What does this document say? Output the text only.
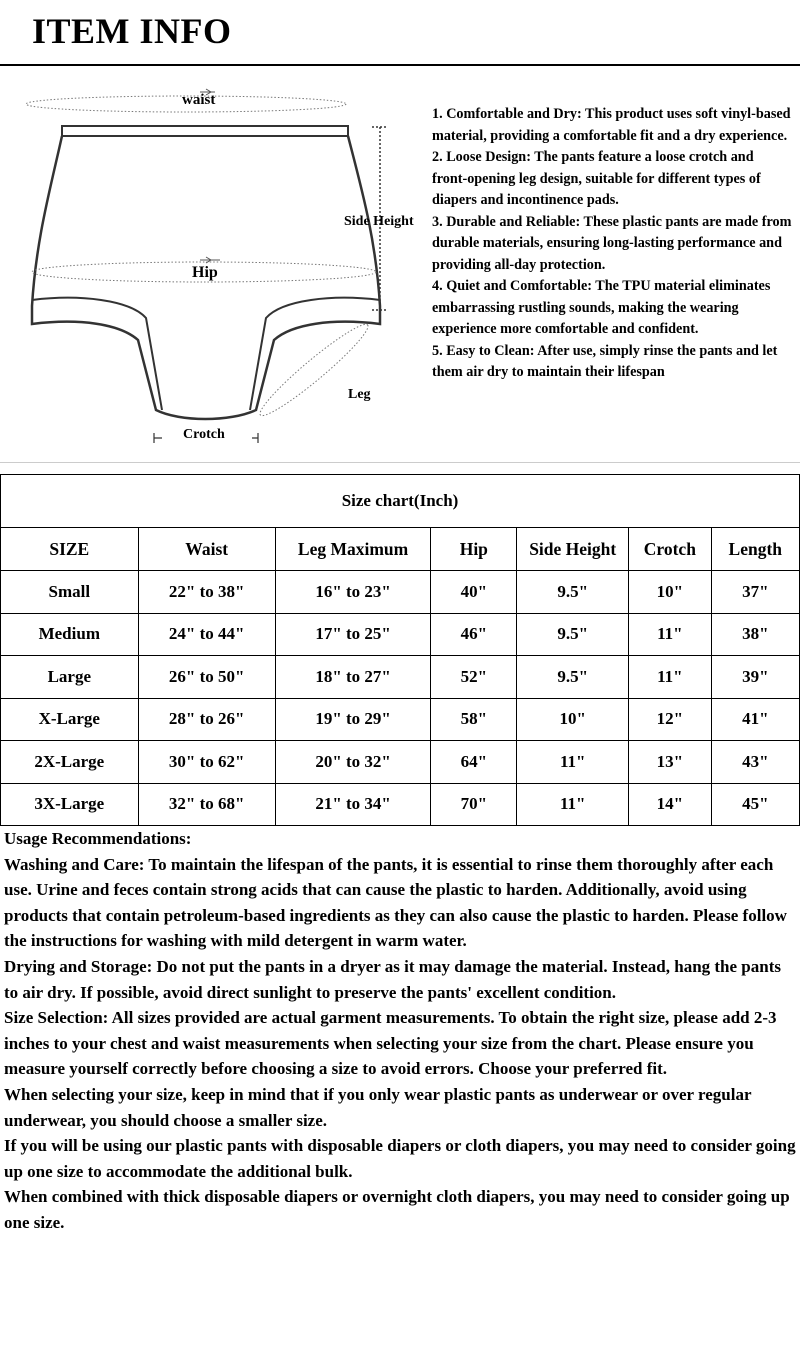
ITEM INFO
waist
Hip
Side Height
Leg
Crotch

1. Comfortable and Dry: This product uses soft vinyl-based material, providing a comfortable fit and a dry experience.

2. Loose Design: The pants feature a loose crotch and front-opening leg design, suitable for different types of diapers and incontinence pads.

3. Durable and Reliable: These plastic pants are made from durable materials, ensuring long-lasting performance and providing all-day protection.

4. Quiet and Comfortable: The TPU material eliminates embarrassing rustling sounds, making the wearing experience more comfortable and confident.

5. Easy to Clean: After use, simply rinse the pants and let them air dry to maintain their lifespan

Size chart(Inch)						
SIZE	Waist	Leg Maximum	Hip	Side Height	Crotch	Length
Small	22" to 38"	16" to 23"	40"	9.5"	10"	37"
Medium	24" to 44"	17" to 25"	46"	9.5"	11"	38"
Large	26" to 50"	18" to 27"	52"	9.5"	11"	39"
X-Large	28" to 26"	19" to 29"	58"	10"	12"	41"
2X-Large	30" to 62"	20" to 32"	64"	11"	13"	43"
3X-Large	32" to 68"	21" to 34"	70"	11"	14"	45"

Usage Recommendations:

Washing and Care: To maintain the lifespan of the pants, it is essential to rinse them thoroughly after each use. Urine and feces contain strong acids that can cause the plastic to harden. Additionally, avoid using products that contain petroleum-based ingredients as they can also cause the plastic to harden. Please follow the instructions for washing with mild detergent in warm water.

Drying and Storage: Do not put the pants in a dryer as it may damage the material. Instead, hang the pants to air dry. If possible, avoid direct sunlight to preserve the pants' excellent condition.

Size Selection: All sizes provided are actual garment measurements. To obtain the right size, please add 2-3 inches to your chest and waist measurements when selecting your size from the chart. Please ensure you measure yourself correctly before choosing a size to avoid errors. Choose your preferred fit.

When selecting your size, keep in mind that if you only wear plastic pants as underwear or over regular underwear, you should choose a smaller size.

If you will be using our plastic pants with disposable diapers or cloth diapers, you may need to consider going up one size to accommodate the additional bulk.

When combined with thick disposable diapers or overnight cloth diapers, you may need to consider going up one size.
